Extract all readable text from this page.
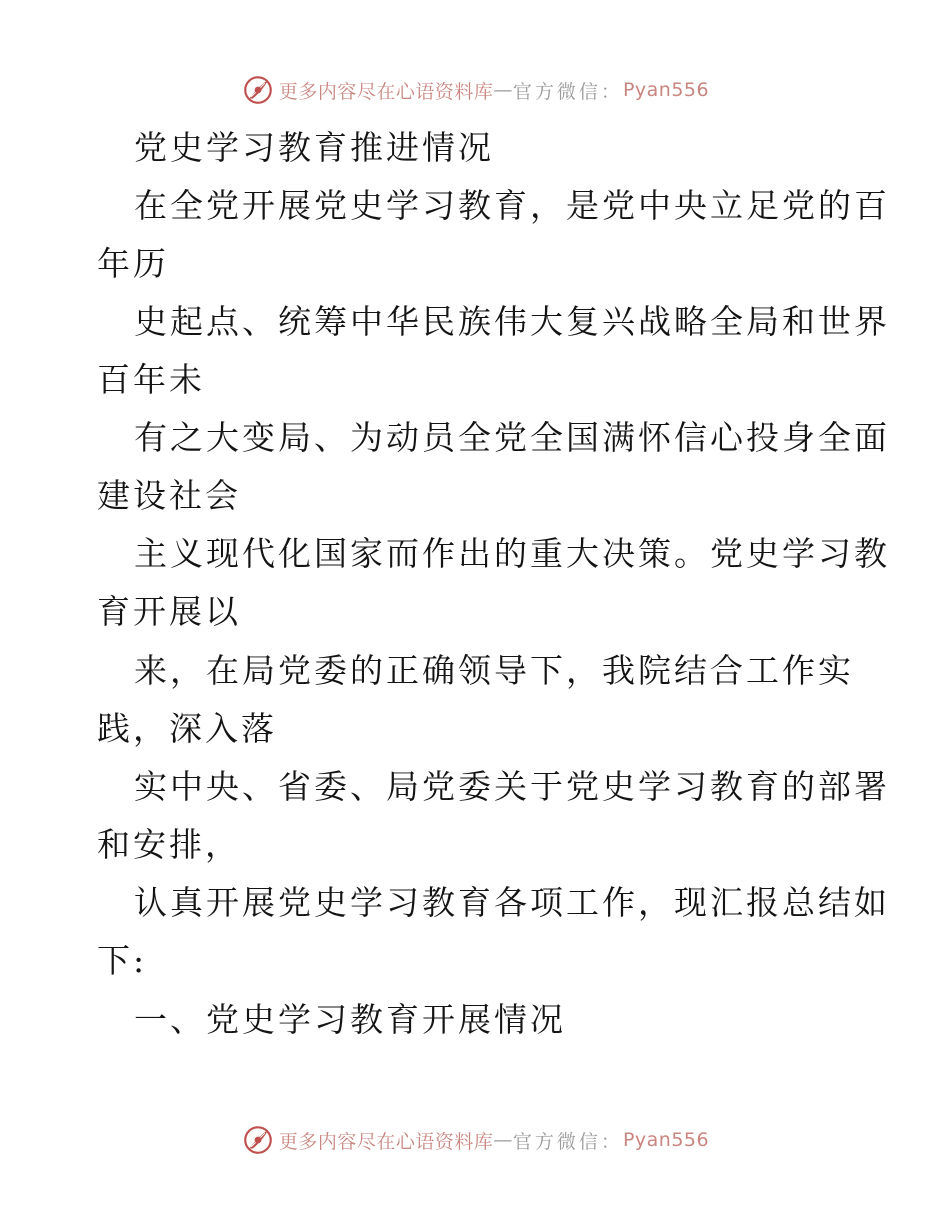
更多内容尽在心语资料库 — 官方微信： Pyan556
党史学习教育推进情况
在全党开展党史学习教育，是党中央立足党的百
年历
史起点、统筹中华民族伟大复兴战略全局和世界
百年未
有之大变局、为动员全党全国满怀信心投身全面
建设社会
主义现代化国家而作出的重大决策。党史学习教
育开展以
来，在局党委的正确领导下，我院结合工作实
践，深入落
实中央、省委、局党委关于党史学习教育的部署
和安排，
认真开展党史学习教育各项工作，现汇报总结如
下:
一、党史学习教育开展情况
更多内容尽在心语资料库 — 官方微信： Pyan556
